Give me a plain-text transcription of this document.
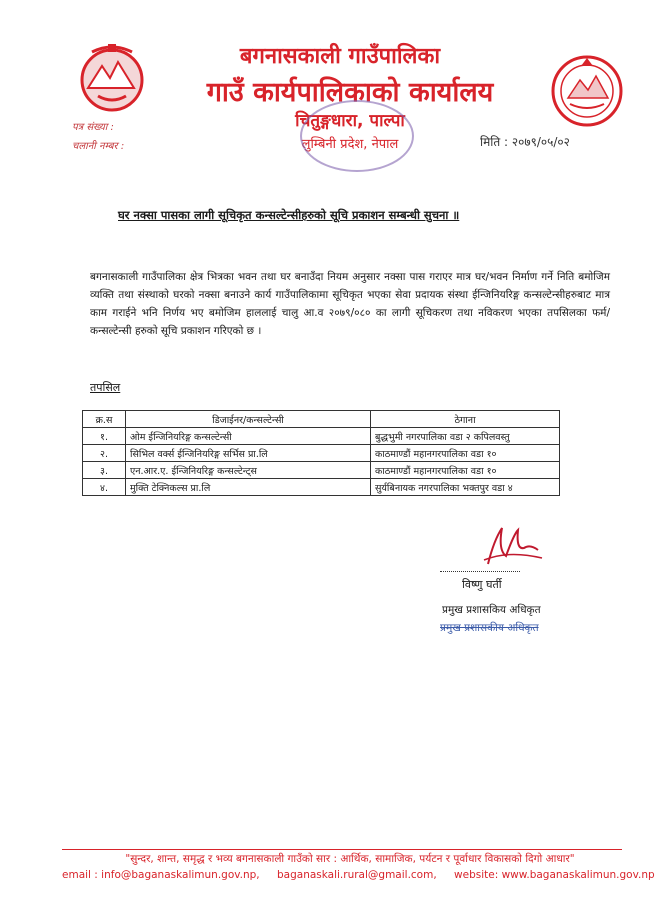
बगनासकाली गाउँपालिका
गाउँ कार्यपालिकाको कार्यालय
चितुङ्गधारा, पाल्पा
लुम्बिनी प्रदेश, नेपाल
पत्र संख्या :
चलानी नम्बर :	मिति : २०७९/०५/०२
घर नक्सा पासका लागी सूचिकृत कन्सल्टेन्सीहरुको सूचि प्रकाशन सम्बन्धी सुचना ॥
बगनासकाली गाउँपालिका क्षेत्र भित्रका भवन तथा घर बनाउँदा नियम अनुसार नक्सा पास गराएर मात्र घर/भवन निर्माण गर्ने निति बमोजिम व्यक्ति तथा संस्थाको घरको नक्सा बनाउने कार्य गाउँपालिकामा सूचिकृत भएका सेवा प्रदायक संस्था ईन्जिनियरिङ्ग कन्सल्टेन्सीहरुबाट मात्र काम गराईने भनि निर्णय भए बमोजिम हाललाई चालु आ.व २०७९/०८० का लागी सूचिकरण तथा नविकरण भएका तपसिलका फर्म/कन्सल्टेन्सी हरुको सूचि प्रकाशन गरिएको छ ।
तपसिल
क्र.स	डिजाईनर/कन्सल्टेन्सी	ठेगाना
१.	ओम ईन्जिनियरिङ्ग कन्सल्टेन्सी	बुद्धभुमी नगरपालिका वडा २ कपिलवस्तु
२.	सिभिल वर्क्स ईन्जिनियरिङ्ग सर्भिस प्रा.लि	काठमाण्डौं महानगरपालिका वडा १०
३.	एन.आर.ए. ईन्जिनियरिङ्ग कन्सल्टेन्ट्स	काठमाण्डौं महानगरपालिका वडा १०
४.	मुक्ति टेक्निकल्स प्रा.लि	सुर्यबिनायक नगरपालिका भक्तपुर वडा ४
विष्णु घर्ती
प्रमुख प्रशासकिय अधिकृत
प्रमुख प्रशासकीय अधिकृत
"सुन्दर, शान्त, समृद्ध र भव्य बगनासकाली गाउँको सार : आर्थिक, सामाजिक, पर्यटन र पूर्वाधार विकासको दिगो आधार"
email : info@baganaskalimun.gov.np, baganaskali.rural@gmail.com, website: www.baganaskalimun.gov.np
